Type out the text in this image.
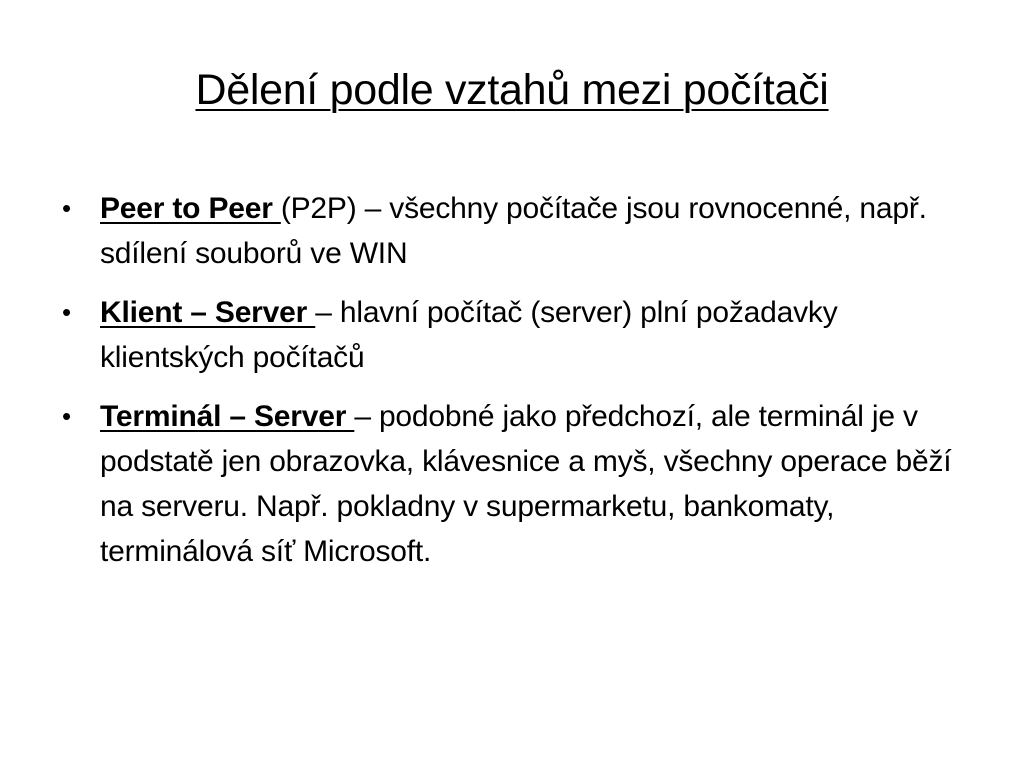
Dělení podle vztahů mezi počítači
• Peer to Peer (P2P) – všechny počítače jsou rovnocenné, např. sdílení souborů ve WIN
• Klient – Server – hlavní počítač (server) plní požadavky klientských počítačů
• Terminál – Server – podobné jako předchozí, ale terminál je v podstatě jen obrazovka, klávesnice a myš, všechny operace běží na serveru. Např. pokladny v supermarketu, bankomaty, terminálová síť Microsoft.
